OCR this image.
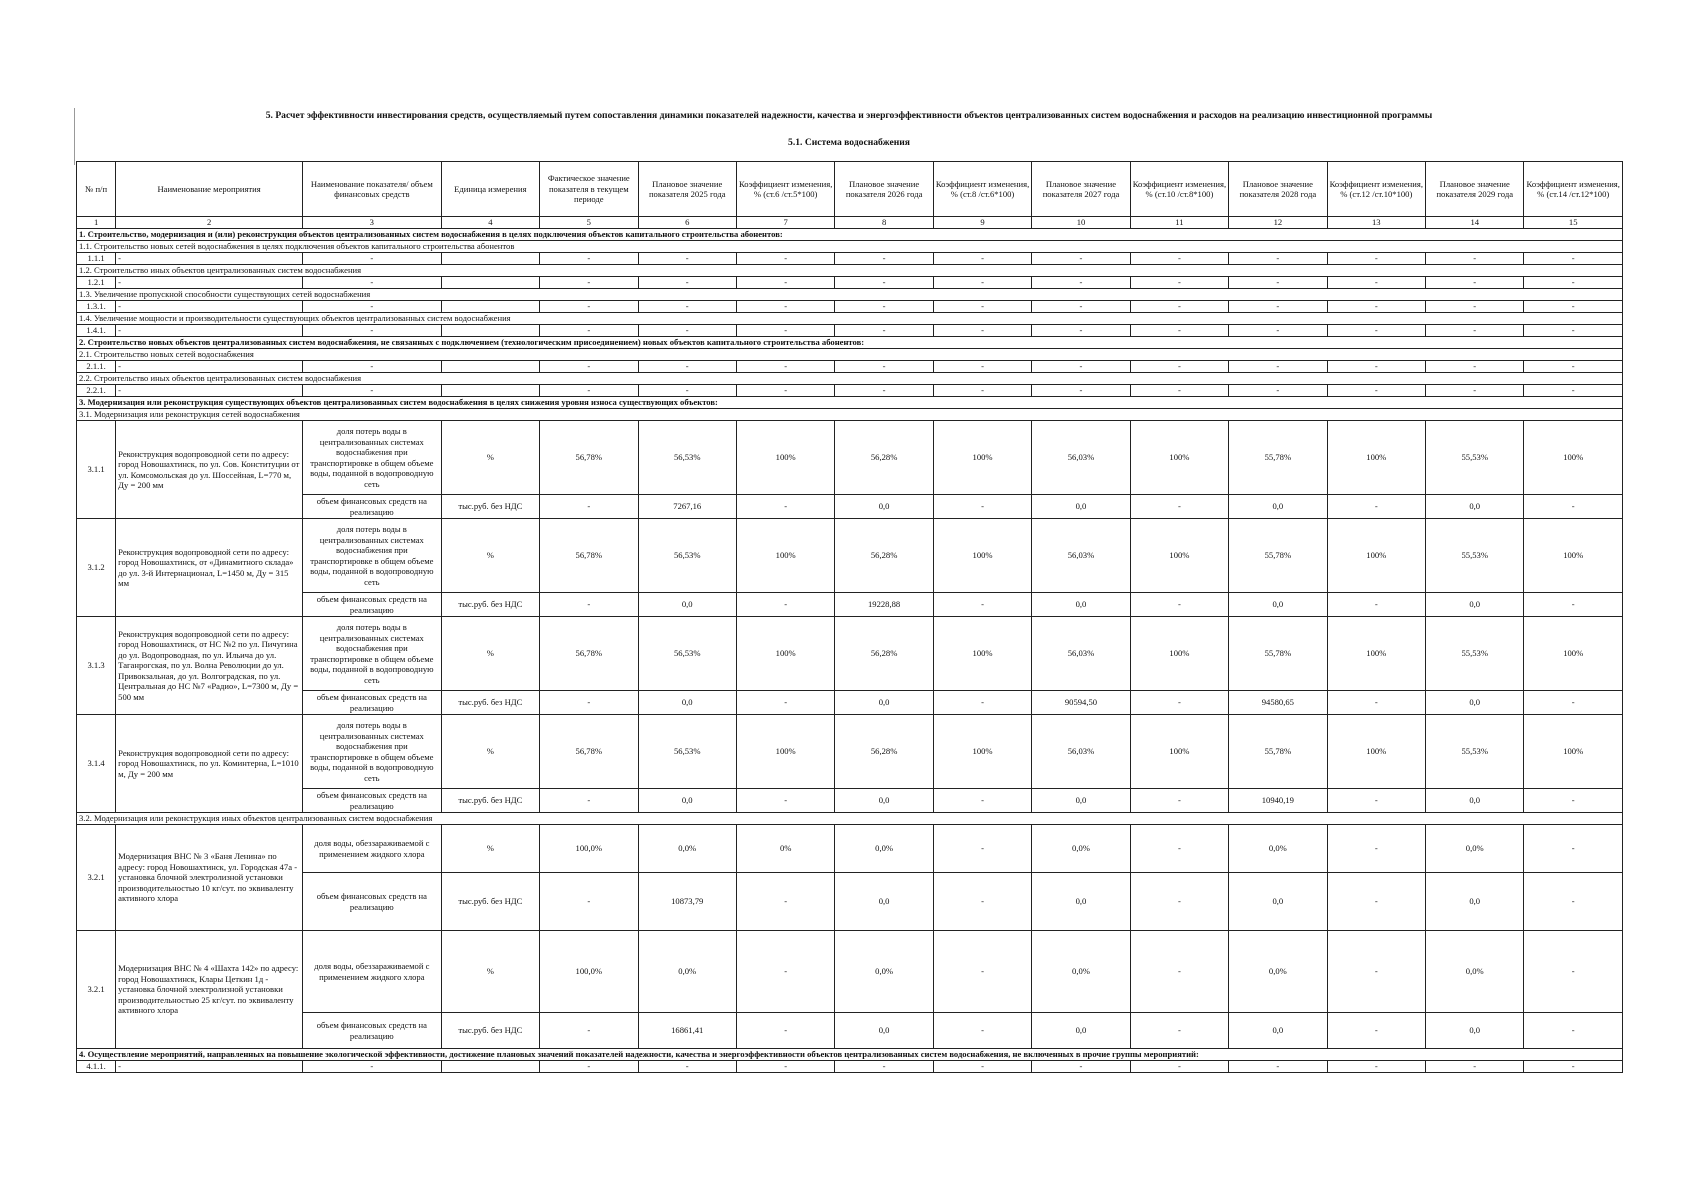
5. Расчет эффективности инвестирования средств, осуществляемый путем сопоставления динамики показателей надежности, качества и энергоэффективности объектов централизованных систем водоснабжения и расходов на реализацию инвестиционной программы
5.1. Система водоснабжения
№ п/п	Наименование мероприятия	Наименование показателя/ объем финансовых средств	Единица измерения	Фактическое значение показателя в текущем периоде	Плановое значение показателя 2025 года	Коэффициент изменения, % (ст.6 /ст.5*100)	Плановое значение показателя 2026 года	Коэффициент изменения, % (ст.8 /ст.6*100)	Плановое значение показателя 2027 года	Коэффициент изменения, % (ст.10 /ст.8*100)	Плановое значение показателя 2028 года	Коэффициент изменения, % (ст.12 /ст.10*100)	Плановое значение показателя 2029 года	Коэффициент изменения, % (ст.14 /ст.12*100)
1	2	3	4	5	6	7	8	9	10	11	12	13	14	15
1. Строительство, модернизация и (или) реконструкция объектов централизованных систем водоснабжения в целях подключения объектов капитального строительства абонентов:														
1.1. Строительство новых сетей водоснабжения в целях подключения объектов капитального строительства абонентов														
1.1.1	-	-		-	-	-	-	-	-	-	-	-	-	-
1.2. Строительство иных объектов централизованных систем водоснабжения														
1.2.1	-	-		-	-	-	-	-	-	-	-	-	-	-
1.3. Увеличение пропускной способности существующих сетей водоснабжения														
1.3.1.	-	-		-	-	-	-	-	-	-	-	-	-	-
1.4. Увеличение мощности и производительности существующих объектов централизованных систем водоснабжения														
1.4.1.	-	-		-	-	-	-	-	-	-	-	-	-	-
2. Строительство новых объектов централизованных систем водоснабжения, не связанных с подключением (технологическим присоединением) новых объектов капитального строительства абонентов:														
2.1. Строительство новых сетей водоснабжения														
2.1.1.	-	-		-	-	-	-	-	-	-	-	-	-	-
2.2. Строительство иных объектов централизованных систем водоснабжения														
2.2.1.	-	-		-	-	-	-	-	-	-	-	-	-	-
3. Модернизация или реконструкция существующих объектов централизованных систем водоснабжения в целях снижения уровня износа существующих объектов:														
3.1. Модернизация или реконструкция сетей водоснабжения														
3.1.1	Реконструкция водопроводной сети по адресу: город Новошахтинск, по ул. Сов. Конституции от ул. Комсомольская до ул. Шоссейная, L=770 м, Ду = 200 мм	доля потерь воды в централизованных системах водоснабжения при транспортировке в общем объеме воды, поданной в водопроводную сеть	%	56,78%	56,53%	100%	56,28%	100%	56,03%	100%	55,78%	100%	55,53%	100%
		объем финансовых средств на реализацию	тыс.руб. без НДС	-	7267,16	-	0,0	-	0,0	-	0,0	-	0,0	-
3.1.2	Реконструкция водопроводной сети по адресу: город Новошахтинск, от «Динамитного склада» до ул. 3-й Интернационал, L=1450 м, Ду = 315 мм	доля потерь воды в централизованных системах водоснабжения при транспортировке в общем объеме воды, поданной в водопроводную сеть	%	56,78%	56,53%	100%	56,28%	100%	56,03%	100%	55,78%	100%	55,53%	100%
		объем финансовых средств на реализацию	тыс.руб. без НДС	-	0,0	-	19228,88	-	0,0	-	0,0	-	0,0	-
3.1.3	Реконструкция водопроводной сети по адресу: город Новошахтинск, от НС №2 по ул. Пичугина до ул. Водопроводная, по ул. Ильича до ул. Таганрогская, по ул. Волна Революции до ул. Привокзальная, до ул. Волгоградская, по ул. Центральная до НС №7 «Радио», L=7300 м, Ду = 500 мм	доля потерь воды в централизованных системах водоснабжения при транспортировке в общем объеме воды, поданной в водопроводную сеть	%	56,78%	56,53%	100%	56,28%	100%	56,03%	100%	55,78%	100%	55,53%	100%
		объем финансовых средств на реализацию	тыс.руб. без НДС	-	0,0	-	0,0	-	90594,50	-	94580,65	-	0,0	-
3.1.4	Реконструкция водопроводной сети по адресу: город Новошахтинск, по ул. Коминтерна, L=1010 м, Ду = 200 мм	доля потерь воды в централизованных системах водоснабжения при транспортировке в общем объеме воды, поданной в водопроводную сеть	%	56,78%	56,53%	100%	56,28%	100%	56,03%	100%	55,78%	100%	55,53%	100%
		объем финансовых средств на реализацию	тыс.руб. без НДС	-	0,0	-	0,0	-	0,0	-	10940,19	-	0,0	-
3.2. Модернизация или реконструкция иных объектов централизованных систем водоснабжения														
3.2.1	Модернизация ВНС № 3 «Баня Ленина» по адресу: город Новошахтинск, ул. Городская 47а - установка блочной электролизной установки производительностью 10 кг/сут. по эквиваленту активного хлора	доля воды, обеззараживаемой с применением жидкого хлора	%	100,0%	0,0%	0%	0,0%	-	0,0%	-	0,0%	-	0,0%	-
		объем финансовых средств на реализацию	тыс.руб. без НДС	-	10873,79	-	0,0	-	0,0	-	0,0	-	0,0	-
3.2.1	Модернизация ВНС № 4 «Шахта 142» по адресу: город Новошахтинск, Клары Цеткин 1д - установка блочной электролизной установки производительностью 25 кг/сут. по эквиваленту активного хлора	доля воды, обеззараживаемой с применением жидкого хлора	%	100,0%	0,0%	-	0,0%	-	0,0%	-	0,0%	-	0,0%	-
		объем финансовых средств на реализацию	тыс.руб. без НДС	-	16861,41	-	0,0	-	0,0	-	0,0	-	0,0	-
4. Осуществление мероприятий, направленных на повышение экологической эффективности, достижение плановых значений показателей надежности, качества и энергоэффективности объектов централизованных систем водоснабжения, не включенных в прочие группы мероприятий:														
4.1.1.	-	-		-	-	-	-	-	-	-	-	-	-	-
